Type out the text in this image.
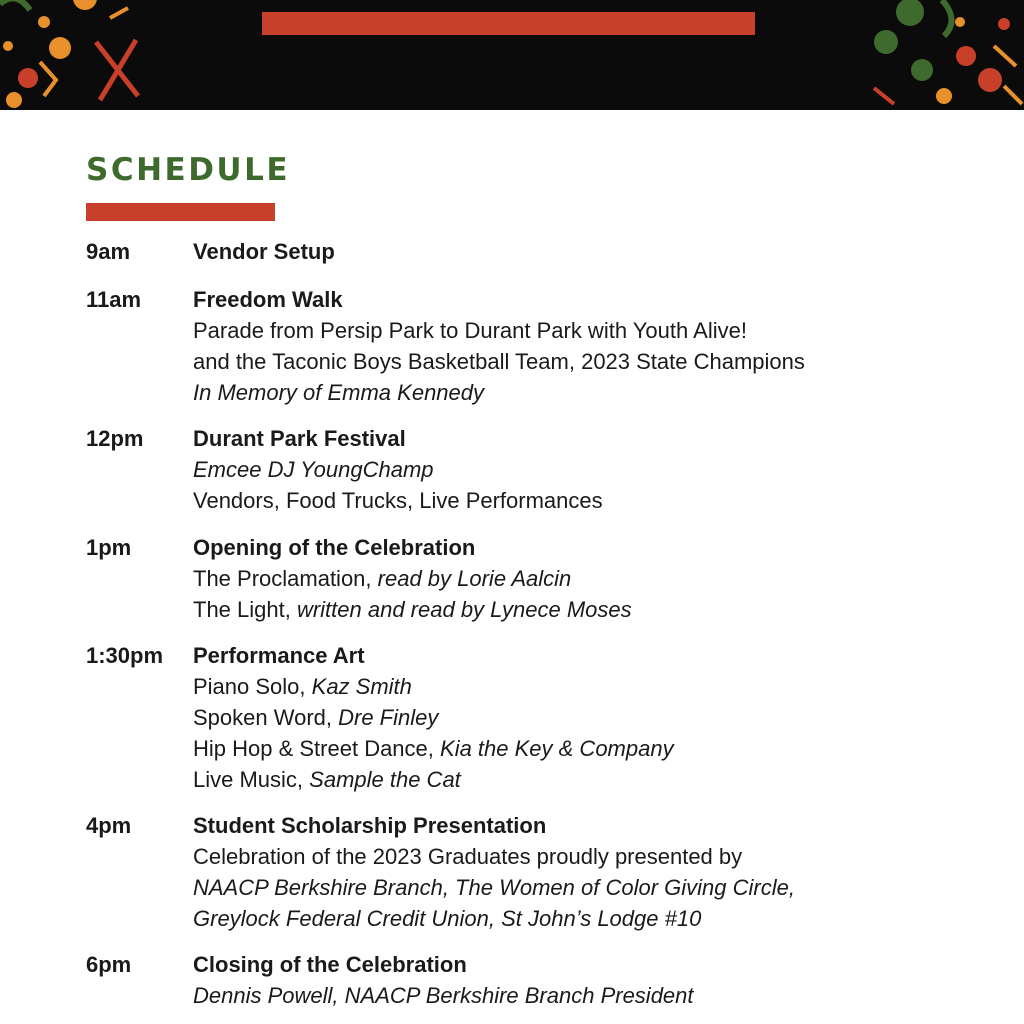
SCHEDULE
9am	Vendor Setup
11am	Freedom Walk
Parade from Persip Park to Durant Park with Youth Alive!
and the Taconic Boys Basketball Team, 2023 State Champions
In Memory of Emma Kennedy
12pm	Durant Park Festival
Emcee DJ YoungChamp
Vendors, Food Trucks, Live Performances
1pm	Opening of the Celebration
The Proclamation, read by Lorie Aalcin
The Light, written and read by Lynece Moses
1:30pm	Performance Art
Piano Solo, Kaz Smith
Spoken Word, Dre Finley
Hip Hop & Street Dance, Kia the Key & Company
Live Music, Sample the Cat
4pm	Student Scholarship Presentation
Celebration of the 2023 Graduates proudly presented by
NAACP Berkshire Branch, The Women of Color Giving Circle,
Greylock Federal Credit Union, St John’s Lodge #10
6pm	Closing of the Celebration
Dennis Powell, NAACP Berkshire Branch President
